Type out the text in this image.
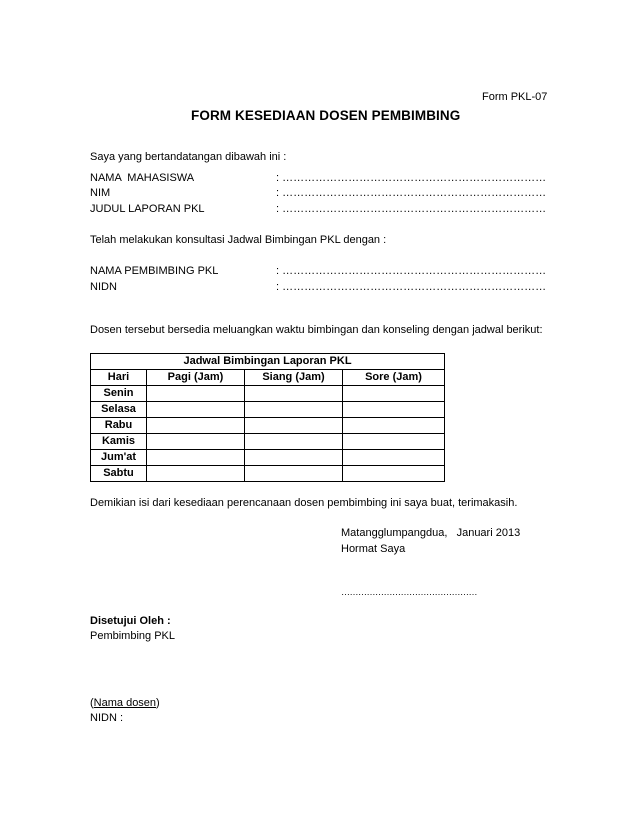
Form PKL-07
FORM KESEDIAAN DOSEN PEMBIMBING
Saya yang bertandatangan dibawah ini :
NAMA  MAHASISWA	: ………………………………………………………………
NIM	: ………………………………………………………………
JUDUL LAPORAN PKL	: ………………………………………………………………
Telah melakukan konsultasi Jadwal Bimbingan PKL dengan :
NAMA PEMBIMBING PKL	: ………………………………………………………………
NIDN	: ………………………………………………………………
Dosen tersebut bersedia meluangkan waktu bimbingan dan konseling dengan jadwal berikut:
Jadwal Bimbingan Laporan PKL			
Hari	Pagi (Jam)	Siang (Jam)	Sore (Jam)
Senin			
Selasa			
Rabu			
Kamis			
Jum'at			
Sabtu			
Demikian isi dari kesediaan perencanaan dosen pembimbing ini saya buat, terimakasih.
Matangglumpangdua,   Januari 2013
Hormat Saya
…………………………………………
Disetujui Oleh :
Pembimbing PKL
(Nama dosen)
NIDN :
